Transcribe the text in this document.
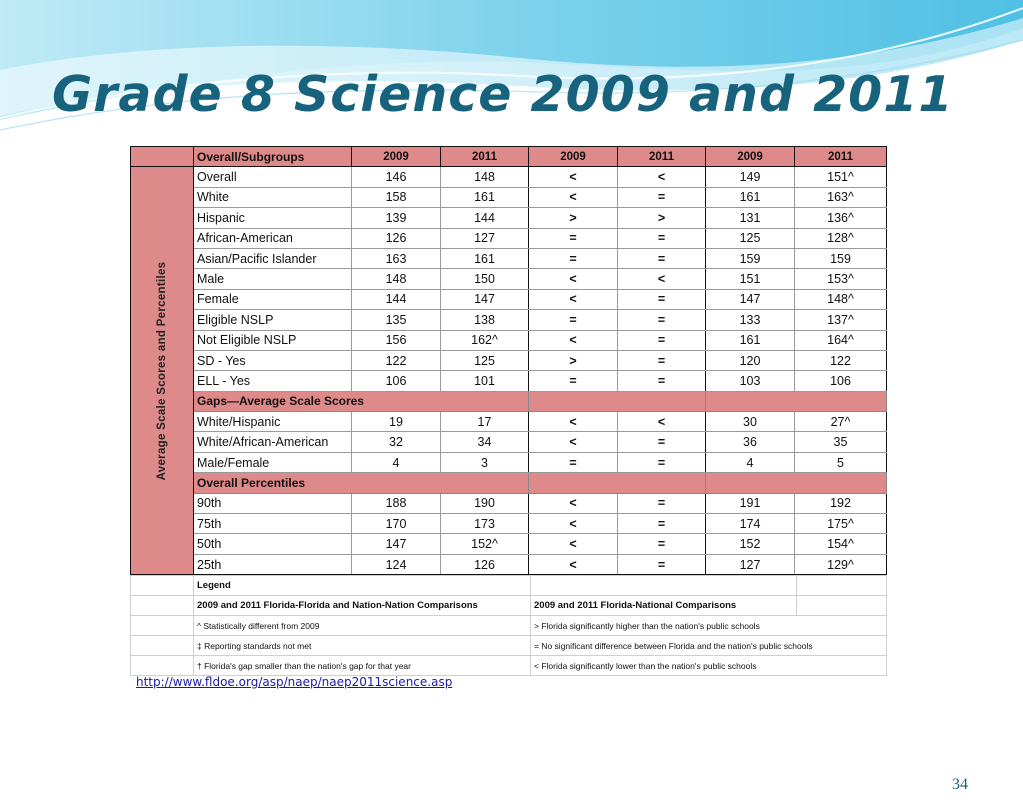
Grade 8 Science 2009 and 2011
	Overall/Subgroups	2009	2011	2009	2011	2009	2011

Average Scale Scores and Percentiles	Overall	146	148	<	<	149	151^
	White	158	161	<	=	161	163^
	Hispanic	139	144	>	>	131	136^
	African-American	126	127	=	=	125	128^
	Asian/Pacific Islander	163	161	=	=	159	159
	Male	148	150	<	<	151	153^
	Female	144	147	<	=	147	148^
	Eligible NSLP	135	138	=	=	133	137^
	Not Eligible NSLP	156	162^	<	=	161	164^
	SD - Yes	122	125	>	=	120	122
	ELL - Yes	106	101	=	=	103	106
	Gaps—Average Scale Scores						
	White/Hispanic	19	17	<	<	30	27^
	White/African-American	32	34	<	=	36	35
	Male/Female	4	3	=	=	4	5
	Overall Percentiles						
	90th	188	190	<	=	191	192
	75th	170	173	<	=	174	175^
	50th	147	152^	<	=	152	154^
	25th	124	126	<	=	127	129^
	Legend		
	2009 and 2011 Florida-Florida and Nation-Nation Comparisons	2009 and 2011 Florida-National Comparisons	
	^ Statistically different from 2009	> Florida significantly higher than the nation's public schools	
	‡ Reporting standards not met	= No significant difference between Florida and the nation's public schools	
	† Florida's gap smaller than the nation's gap for that year	< Florida significantly lower than the nation's public schools	
http://www.fldoe.org/asp/naep/naep2011science.asp
34
